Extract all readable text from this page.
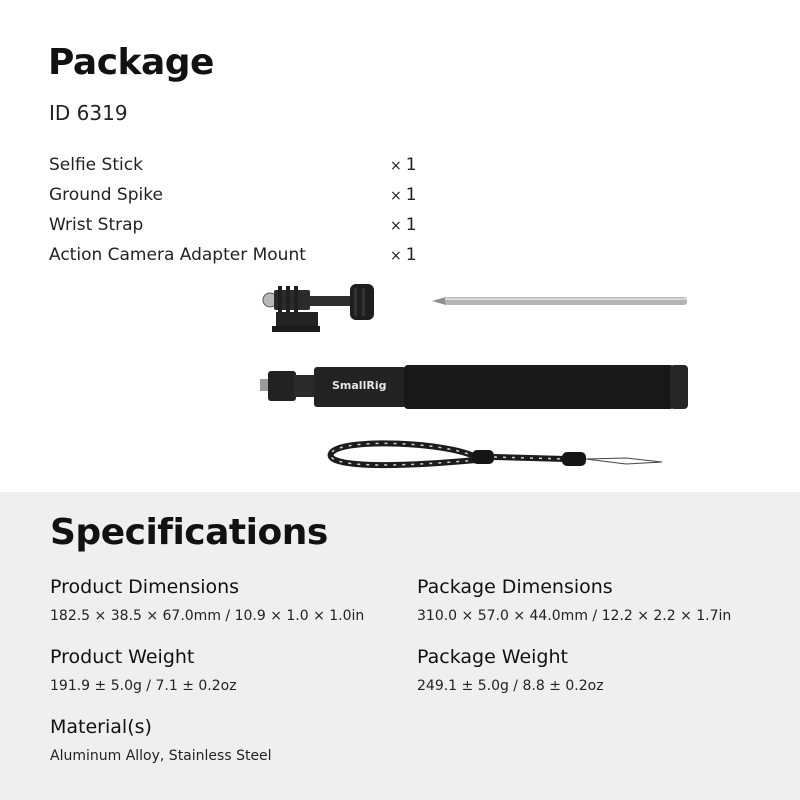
Package
ID 6319
Selfie Stick	× 1
Ground Spike	× 1
Wrist Strap	× 1
Action Camera Adapter Mount	× 1
SmallRig
Specifications
Product Dimensions
182.5 × 38.5 × 67.0mm / 10.9 × 1.0 × 1.0in
Package Dimensions
310.0 × 57.0 × 44.0mm / 12.2 × 2.2 × 1.7in
Product Weight
191.9 ± 5.0g / 7.1 ± 0.2oz
Package Weight
249.1 ± 5.0g / 8.8 ± 0.2oz
Material(s)
Aluminum Alloy, Stainless Steel
